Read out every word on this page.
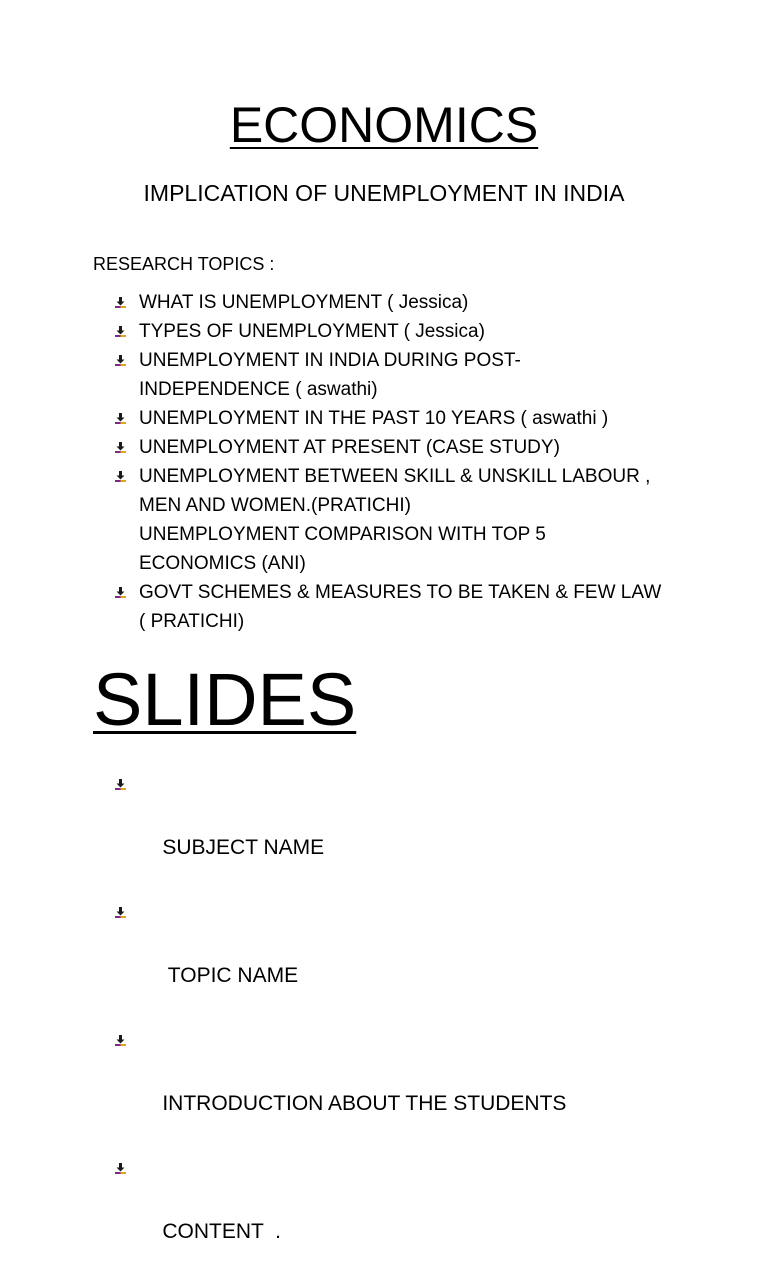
ECONOMICS
IMPLICATION OF UNEMPLOYMENT IN INDIA
RESEARCH TOPICS :
WHAT IS UNEMPLOYMENT ( Jessica)
TYPES OF UNEMPLOYMENT ( Jessica)
UNEMPLOYMENT IN INDIA DURING POST-
INDEPENDENCE ( aswathi)
UNEMPLOYMENT IN THE PAST 10 YEARS ( aswathi )
UNEMPLOYMENT AT PRESENT (CASE STUDY)
UNEMPLOYMENT BETWEEN SKILL & UNSKILL LABOUR ,
MEN AND WOMEN.(PRATICHI)
UNEMPLOYMENT COMPARISON WITH TOP 5
ECONOMICS (ANI)
GOVT SCHEMES & MEASURES TO BE TAKEN & FEW LAW
( PRATICHI)
SLIDES

SUBJECT NAME

TOPIC NAME

INTRODUCTION ABOUT THE STUDENTS

CONTENT  .
